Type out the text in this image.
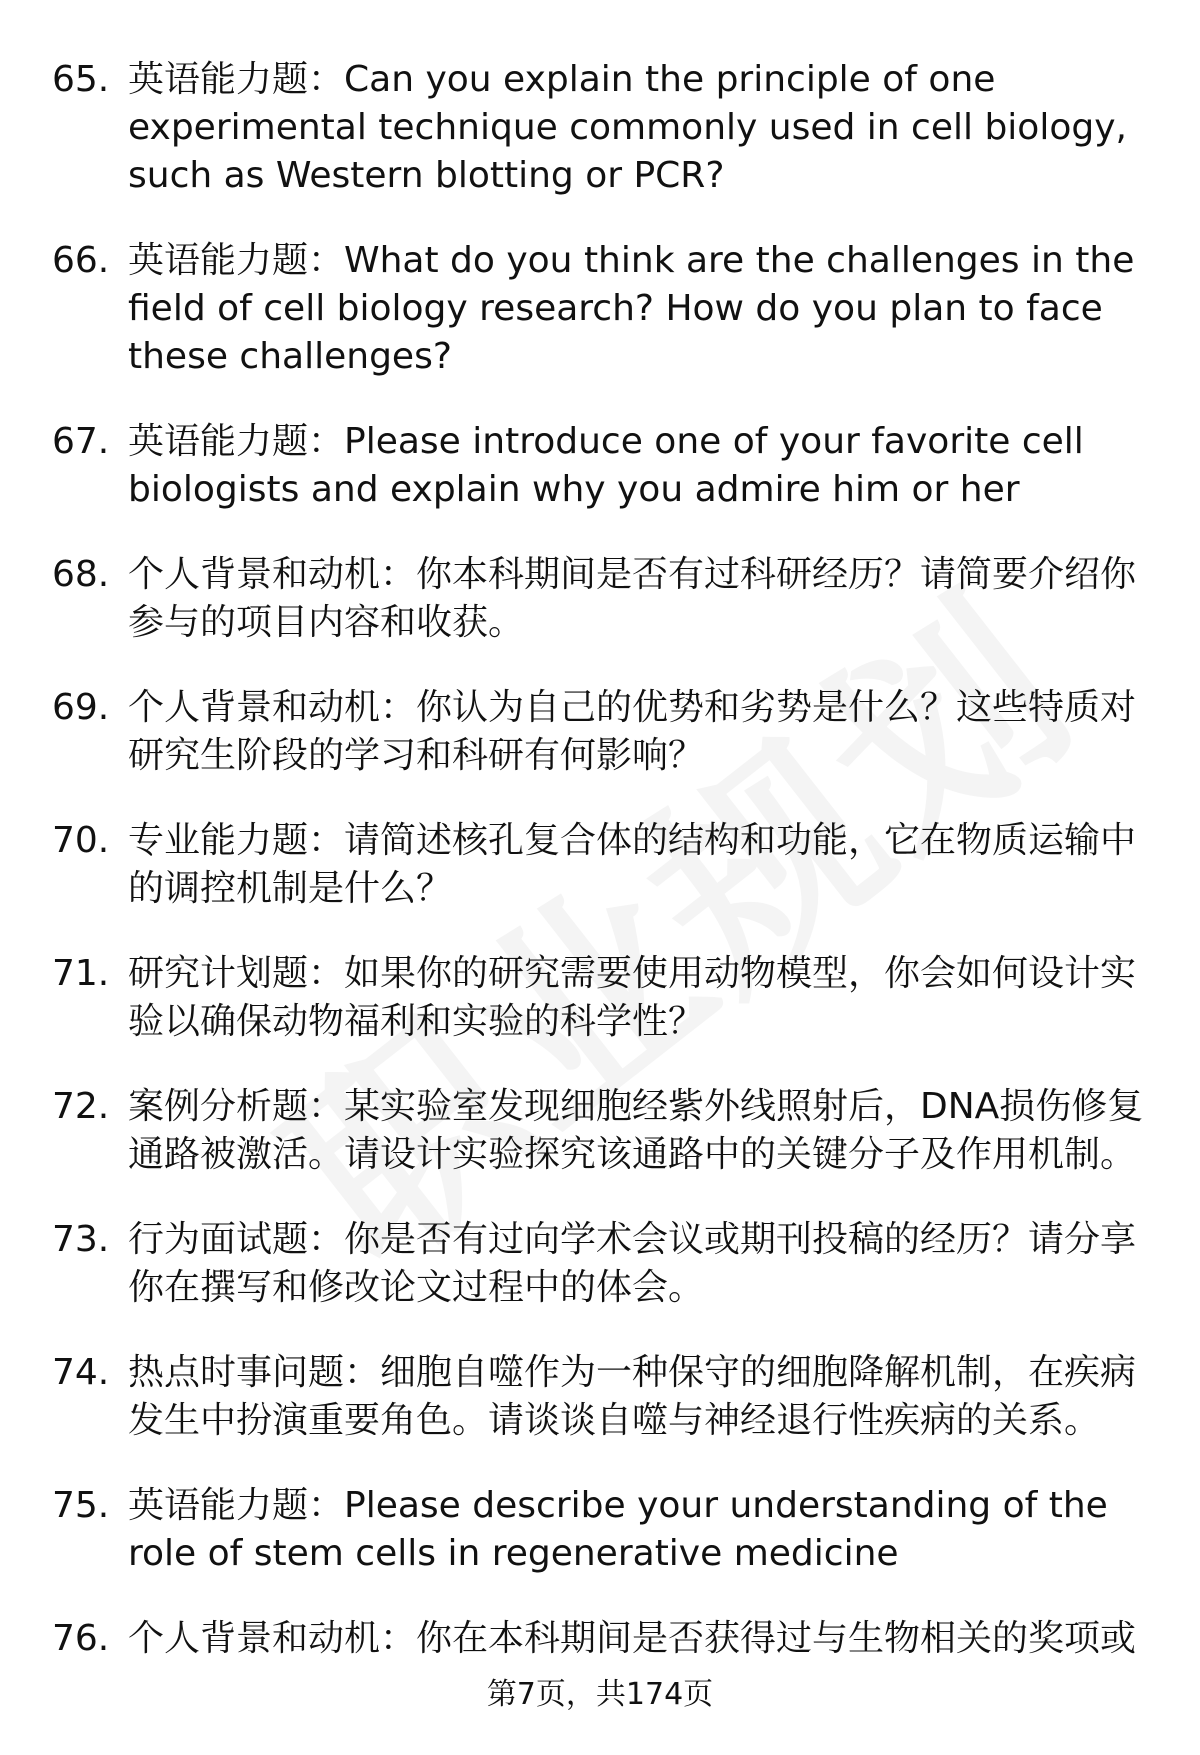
65. 英语能力题：Can you explain the principle of one experimental technique commonly used in cell biology, such as Western blotting or PCR?
66. 英语能力题：What do you think are the challenges in the field of cell biology research? How do you plan to face these challenges?
67. 英语能力题：Please introduce one of your favorite cell biologists and explain why you admire him or her
68. 个人背景和动机：你本科期间是否有过科研经历？请简要介绍你参与的项目内容和收获。
69. 个人背景和动机：你认为自己的优势和劣势是什么？这些特质对研究生阶段的学习和科研有何影响？
70. 专业能力题：请简述核孔复合体的结构和功能，它在物质运输中的调控机制是什么？
71. 研究计划题：如果你的研究需要使用动物模型，你会如何设计实验以确保动物福利和实验的科学性？
72. 案例分析题：某实验室发现细胞经紫外线照射后，DNA损伤修复通路被激活。请设计实验探究该通路中的关键分子及作用机制。
73. 行为面试题：你是否有过向学术会议或期刊投稿的经历？请分享你在撰写和修改论文过程中的体会。
74. 热点时事问题：细胞自噬作为一种保守的细胞降解机制，在疾病发生中扮演重要角色。请谈谈自噬与神经退行性疾病的关系。
75. 英语能力题：Please describe your understanding of the role of stem cells in regenerative medicine
76. 个人背景和动机：你在本科期间是否获得过与生物相关的奖项或
第7页，共174页
